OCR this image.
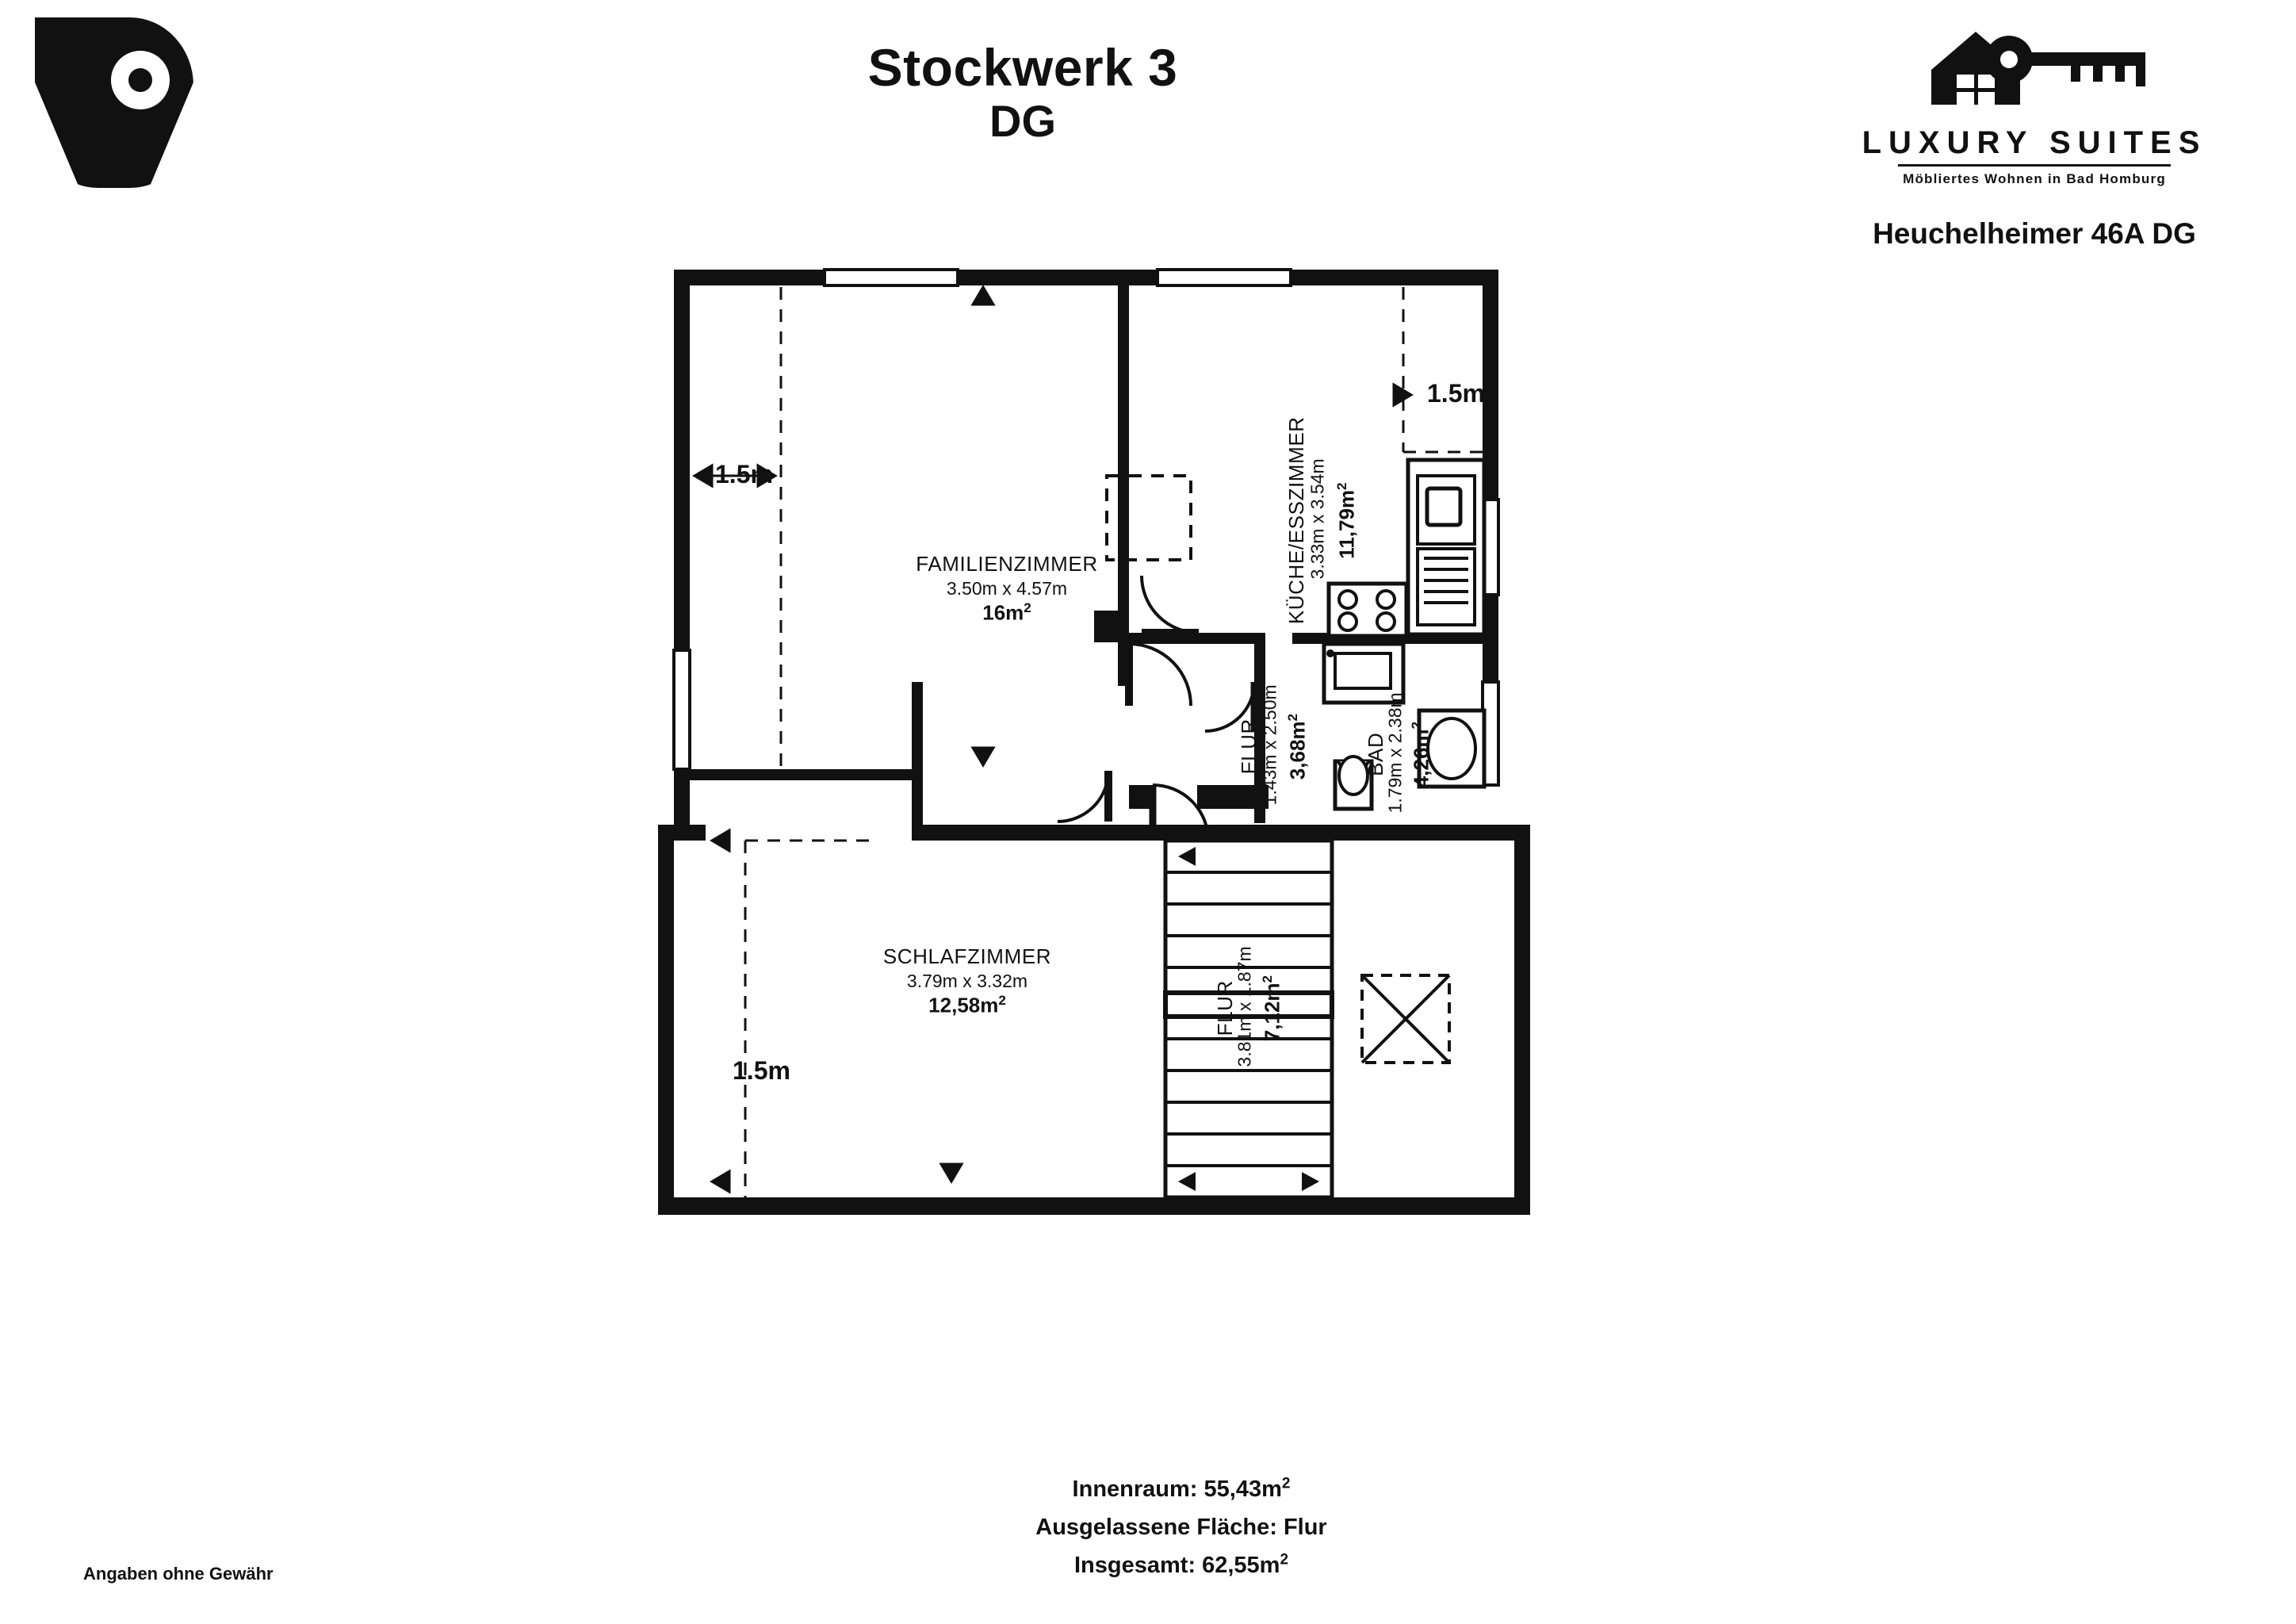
Stockwerk 3
DG	LUXURY SUITES
Möbliertes Wohnen in Bad Homburg
Heuchelheimer 46A DG
FAMILIENZIMMER
3.50m x 4.57m
$16m^2$
SCHLAFZIMMER
3.79m x 3.32m
$12,58m^2$
KÜCHE/ESSZIMMER
3.33m x 3.54m $11,79m^2$
FLUR
1.43m x 2.50m $3,68m^2$
BAD
1.79m x 2.38m $4,26m^2$
FLUR
3.81m x 1.87m $7,12m^2$
1.5m
1.5m
1.5m
Innenraum: $55,43m^2$
Ausgelassene Fläche: Flur
Insgesamt: $62,55m^2$
Angaben ohne Gewähr
